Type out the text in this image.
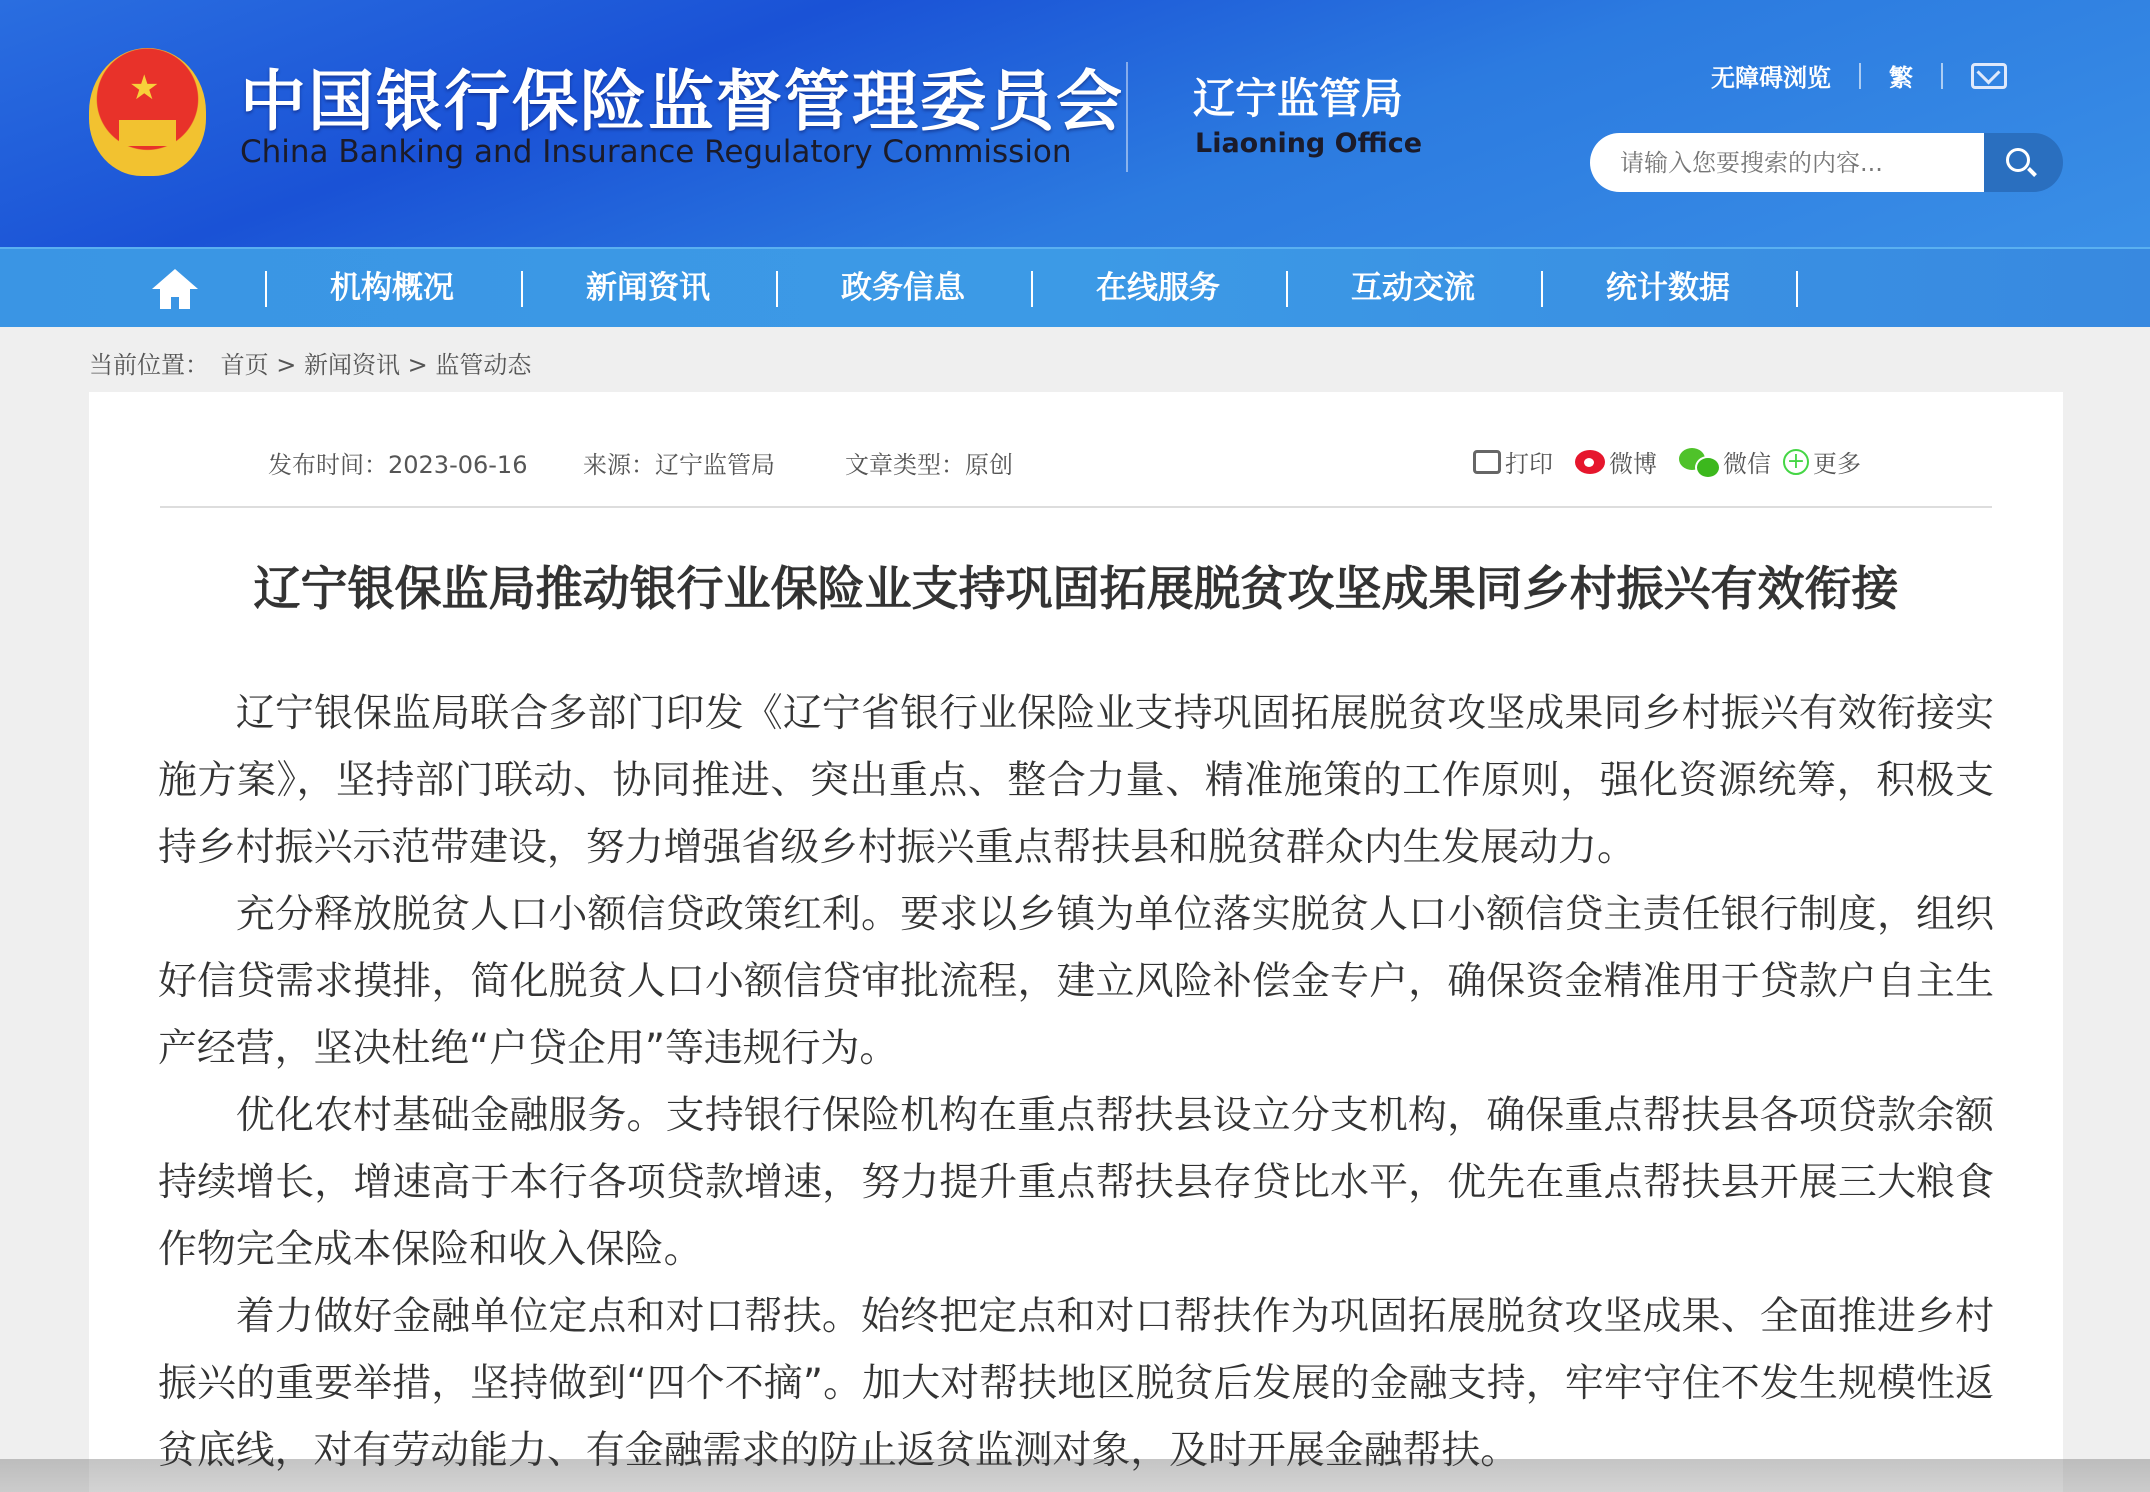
★ 中国银行保险监督管理委员会
China Banking and Insurance Regulatory Commission
辽宁监管局
Liaoning Office
无障碍浏览 繁
请输入您要搜索的内容...
机构概况	新闻资讯	政务信息	在线服务	互动交流	统计数据
当前位置： 首页 > 新闻资讯 > 监管动态
发布时间：2023-06-16 来源：辽宁监管局	文章类型：原创	打印 微博	微信 + 更多
辽宁银保监局推动银行业保险业支持巩固拓展脱贫攻坚成果同乡村振兴有效衔接

辽宁银保监局联合多部门印发《辽宁省银行业保险业支持巩固拓展脱贫攻坚成果同乡村振兴有效衔接实施方案》，坚持部门联动、协同推进、突出重点、整合力量、精准施策的工作原则，强化资源统筹，积极支持乡村振兴示范带建设，努力增强省级乡村振兴重点帮扶县和脱贫群众内生发展动力。

充分释放脱贫人口小额信贷政策红利。要求以乡镇为单位落实脱贫人口小额信贷主责任银行制度，组织好信贷需求摸排，简化脱贫人口小额信贷审批流程，建立风险补偿金专户，确保资金精准用于贷款户自主生产经营，坚决杜绝“户贷企用”等违规行为。

优化农村基础金融服务。支持银行保险机构在重点帮扶县设立分支机构，确保重点帮扶县各项贷款余额持续增长，增速高于本行各项贷款增速，努力提升重点帮扶县存贷比水平，优先在重点帮扶县开展三大粮食作物完全成本保险和收入保险。

着力做好金融单位定点和对口帮扶。始终把定点和对口帮扶作为巩固拓展脱贫攻坚成果、全面推进乡村振兴的重要举措，坚持做到“四个不摘”。加大对帮扶地区脱贫后发展的金融支持，牢牢守住不发生规模性返贫底线，对有劳动能力、有金融需求的防止返贫监测对象，及时开展金融帮扶。
